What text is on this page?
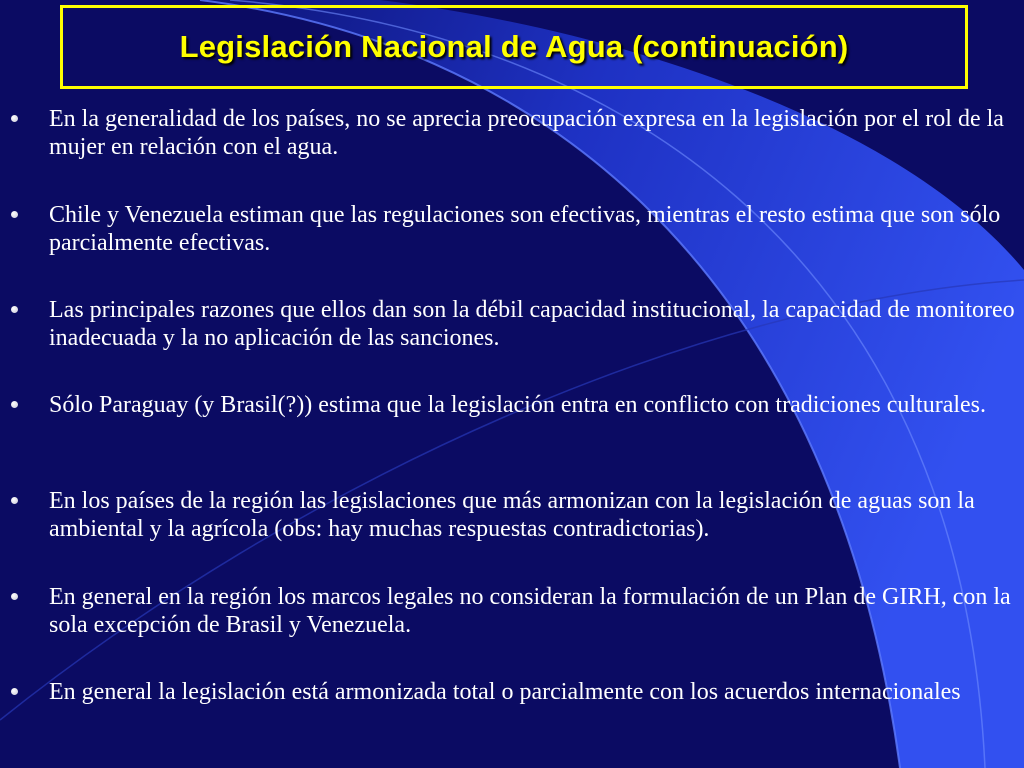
Legislación Nacional de Agua (continuación)
En la generalidad de los países, no se aprecia preocupación expresa en la legislación por el rol de la mujer en relación con el agua.
Chile y Venezuela estiman que las regulaciones son efectivas, mientras el resto estima que son sólo parcialmente efectivas.
Las principales razones que ellos dan son la débil capacidad institucional, la capacidad de monitoreo inadecuada y la no aplicación de las sanciones.
Sólo Paraguay (y Brasil(?)) estima que la legislación entra en conflicto con tradiciones culturales.
En los países de la región las legislaciones que más armonizan con la legislación de aguas son la ambiental y la agrícola (obs: hay muchas respuestas contradictorias).
En general en la región los marcos legales no consideran la formulación de un Plan de GIRH, con la sola excepción de Brasil y Venezuela.
En general la legislación está armonizada total o parcialmente con los acuerdos internacionales
